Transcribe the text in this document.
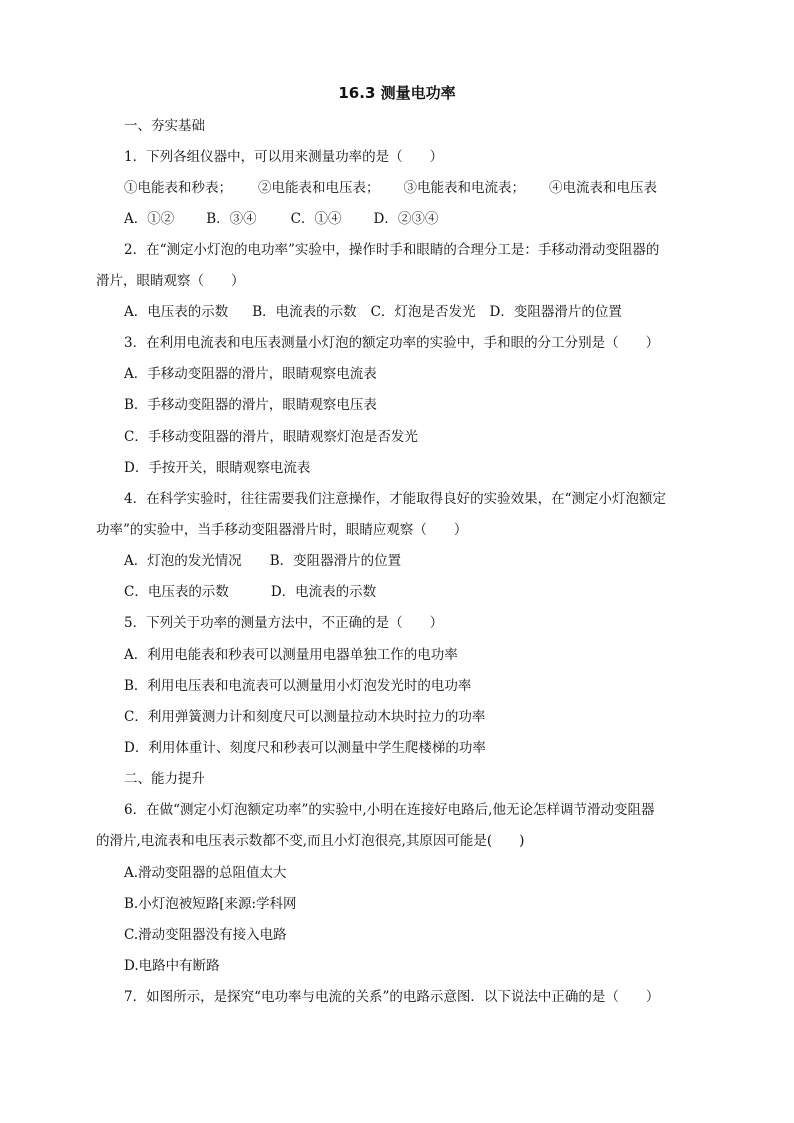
16.3 测量电功率
一、夯实基础
1．下列各组仪器中，可以用来测量功率的是（　　）
①电能表和秒表； ②电能表和电压表； ③电能表和电流表； ④电流表和电压表
A．①② B．③④	C．①④ D．②③④
2．在“测定小灯泡的电功率”实验中，操作时手和眼睛的合理分工是：手移动滑动变阻器的
滑片，眼睛观察（　　）
A．电压表的示数 B．电流表的示数 C．灯泡是否发光 D．变阻器滑片的位置
3．在利用电流表和电压表测量小灯泡的额定功率的实验中，手和眼的分工分别是（　　）
A．手移动变阻器的滑片，眼睛观察电流表
B．手移动变阻器的滑片，眼睛观察电压表
C．手移动变阻器的滑片，眼睛观察灯泡是否发光
D．手按开关，眼睛观察电流表
4．在科学实验时，往往需要我们注意操作，才能取得良好的实验效果，在“测定小灯泡额定
功率”的实验中，当手移动变阻器滑片时，眼睛应观察（　　）
A．灯泡的发光情况 B．变阻器滑片的位置
C．电压表的示数	D．电流表的示数
5．下列关于功率的测量方法中，不正确的是（　　）
A．利用电能表和秒表可以测量用电器单独工作的电功率
B．利用电压表和电流表可以测量用小灯泡发光时的电功率
C．利用弹簧测力计和刻度尺可以测量拉动木块时拉力的功率
D．利用体重计、刻度尺和秒表可以测量中学生爬楼梯的功率
二、能力提升
6．在做“测定小灯泡额定功率”的实验中,小明在连接好电路后,他无论怎样调节滑动变阻器
的滑片,电流表和电压表示数都不变,而且小灯泡很亮,其原因可能是(　　)
A.滑动变阻器的总阻值太大
B.小灯泡被短路[来源:学科网
C.滑动变阻器没有接入电路
D.电路中有断路
7．如图所示，是探究“电功率与电流的关系”的电路示意图．以下说法中正确的是（　　）
